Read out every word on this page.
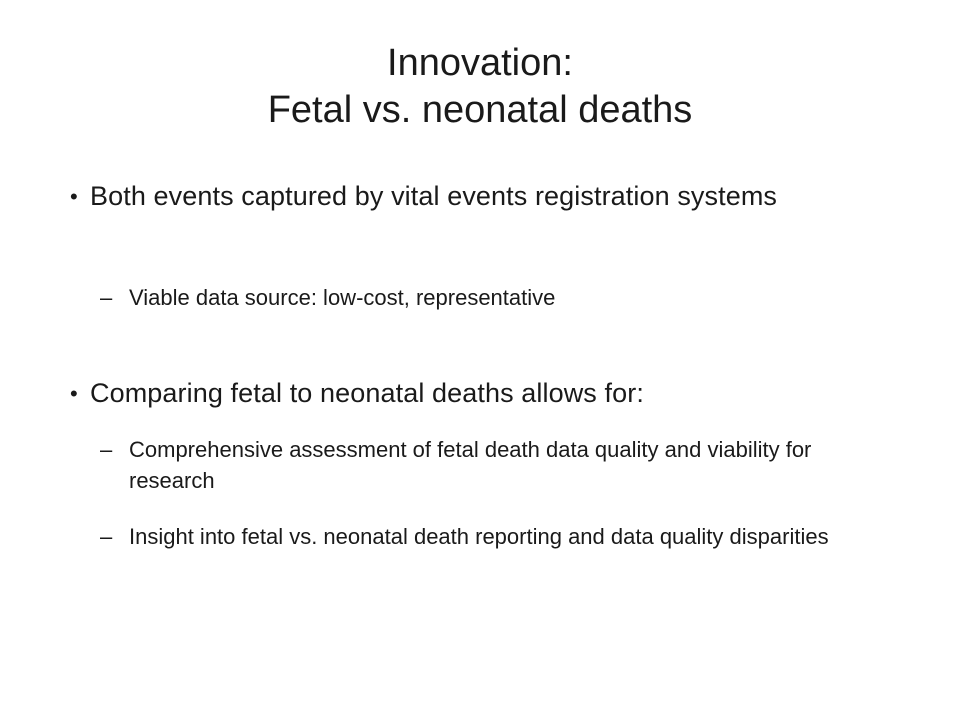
Innovation:
Fetal vs. neonatal deaths
• Both events captured by vital events registration systems
– Viable data source: low-cost, representative
• Comparing fetal to neonatal deaths allows for:
– Comprehensive assessment of fetal death data quality and viability for research
– Insight into fetal vs. neonatal death reporting and data quality disparities
